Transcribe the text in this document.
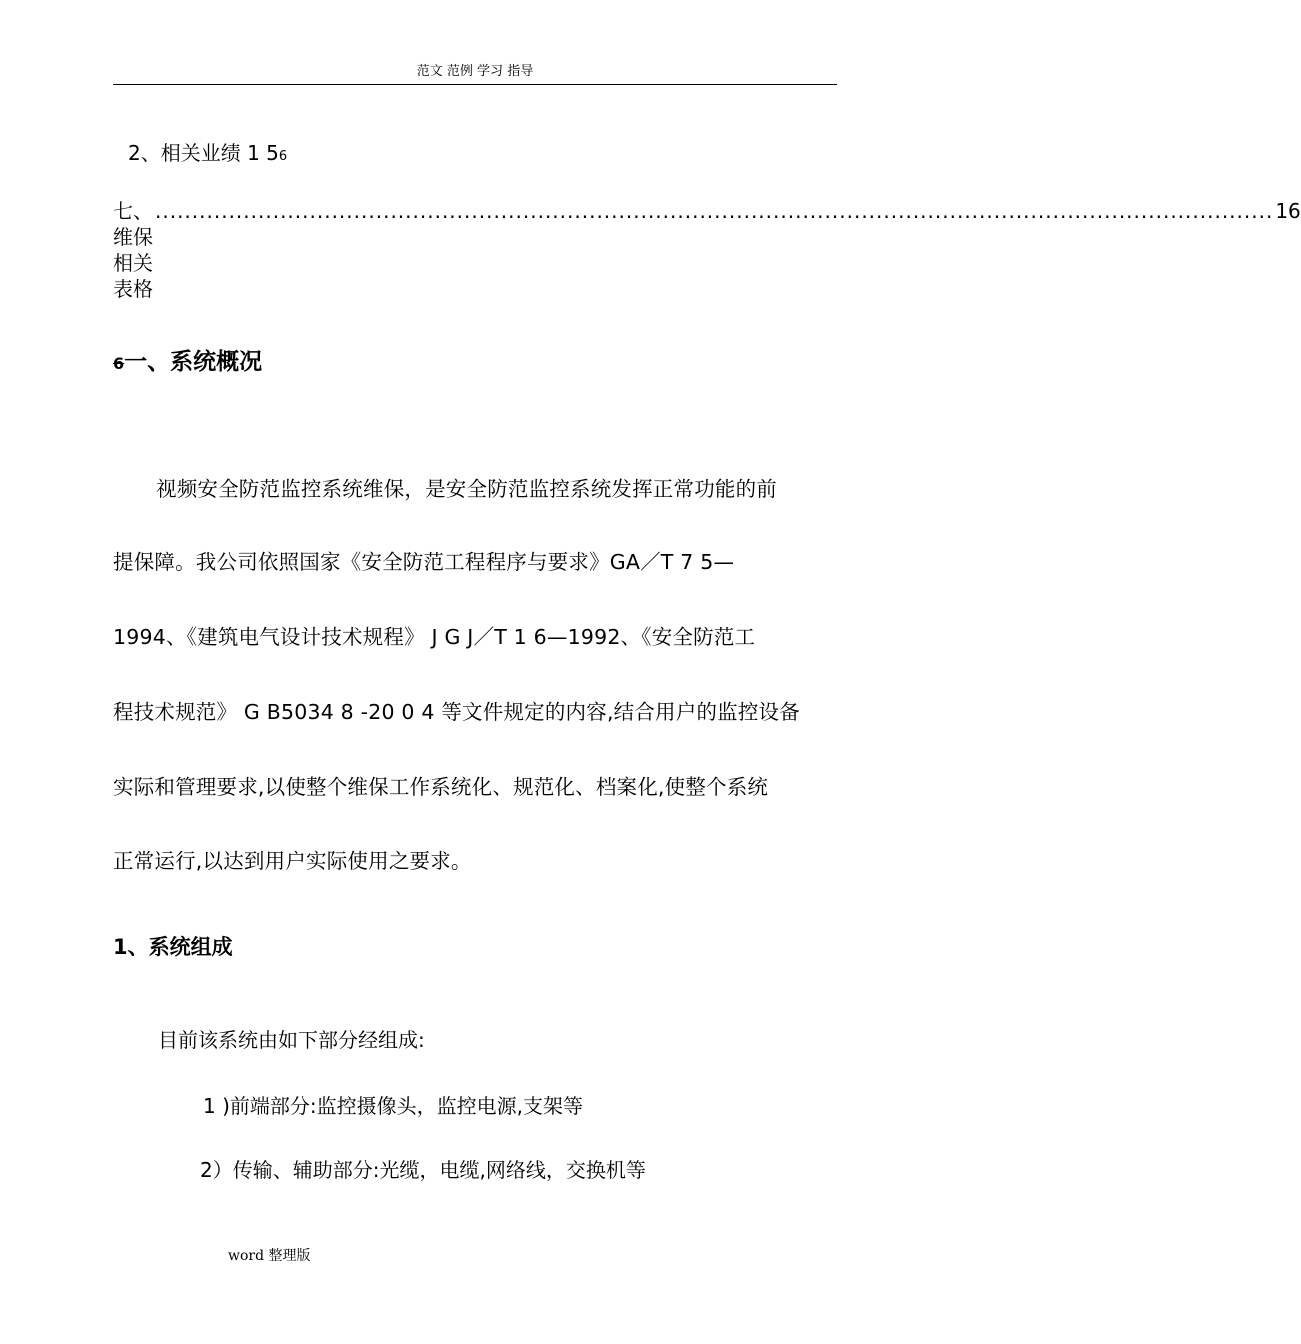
范文 范例 学习 指导
2、相关业绩 1 56
七、维保相关表格
........................................................................................................................................................ 16
6一、系统概况
视频安全防范监控系统维保，是安全防范监控系统发挥正常功能的前
提保障。我公司依照国家《安全防范工程程序与要求》GA／T 7 5—
1994、《建筑电气设计技术规程》 J G J／T 1 6—1992、《安全防范工
程技术规范》 G B5034 8 -20 0 4 等文件规定的内容,结合用户的监控设备
实际和管理要求,以使整个维保工作系统化、规范化、档案化,使整个系统
正常运行,以达到用户实际使用之要求。
1、系统组成
目前该系统由如下部分经组成:
1 )前端部分:监控摄像头，监控电源,支架等
2）传输、辅助部分:光缆，电缆,网络线，交换机等
word 整理版
